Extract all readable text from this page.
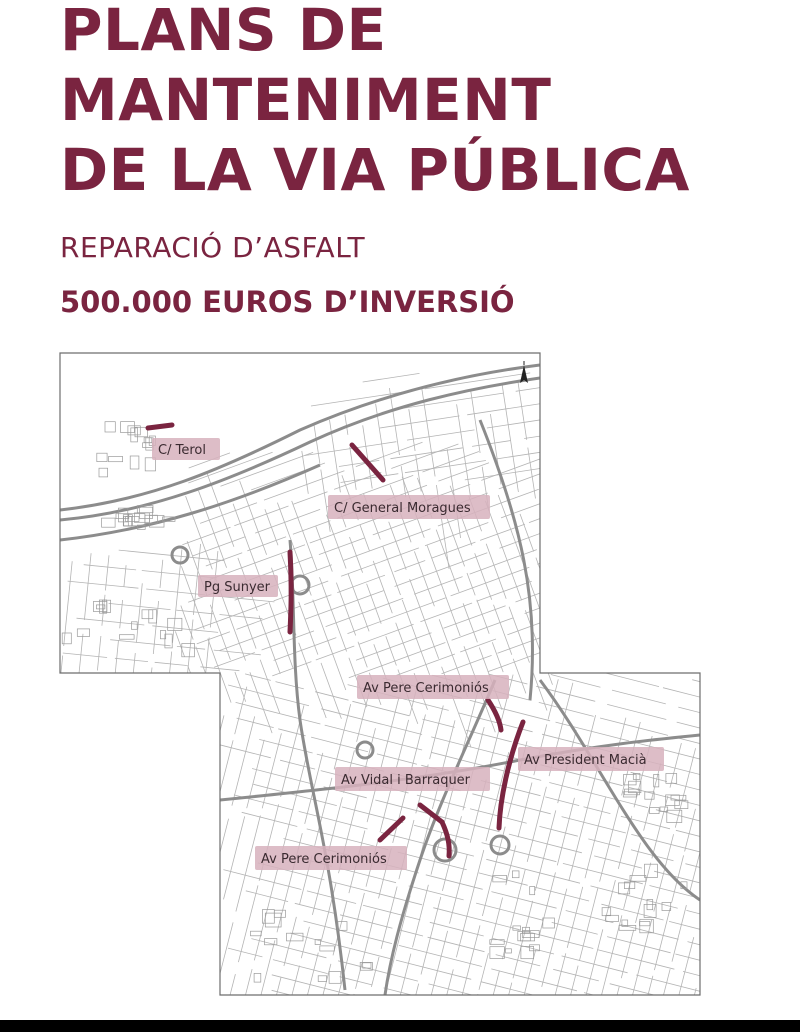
PLANS DE
MANTENIMENT
DE LA VIA PÚBLICA

REPARACIÓ D’ASFALT

500.000 EUROS D’INVERSIÓ

C/ Terol
C/ General Moragues
Pg Sunyer
Av Pere Cerimoniós
Av President Macià
Av Vidal i Barraquer
Av Pere Cerimoniós
